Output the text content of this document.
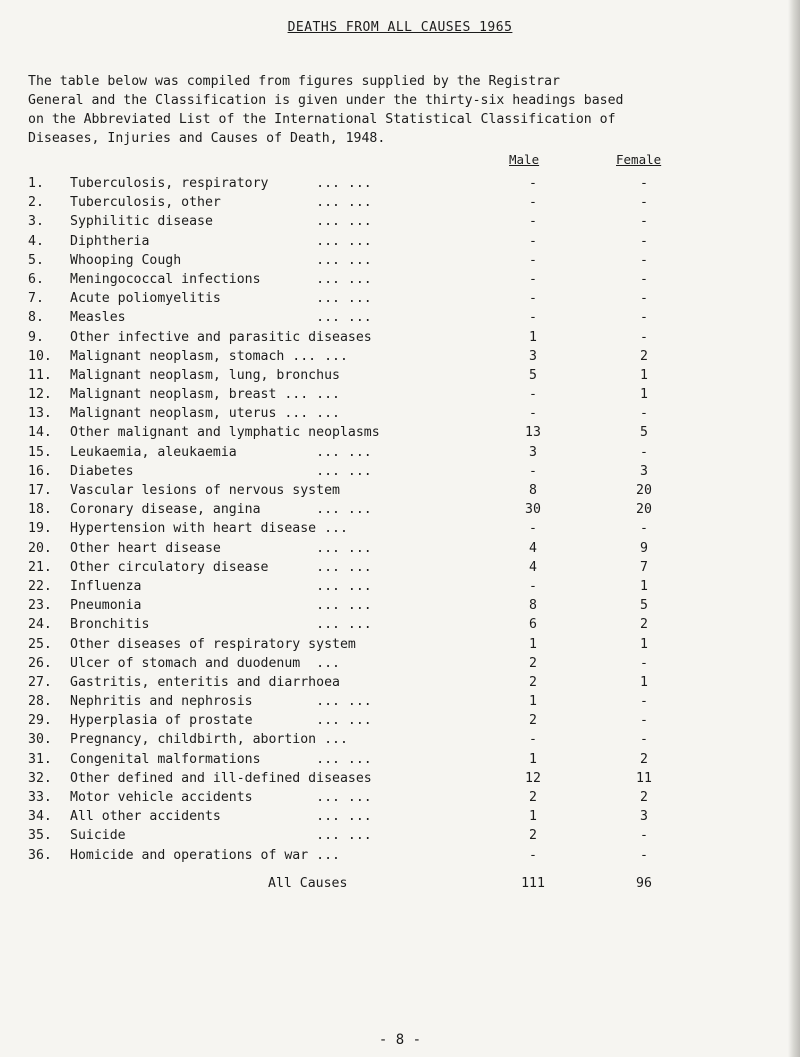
DEATHS FROM ALL CAUSES 1965
The table below was compiled from figures supplied by the Registrar
General and the Classification is given under the thirty-six headings based
on the Abbreviated List of the International Statistical Classification of
Diseases, Injuries and Causes of Death, 1948.
Male	Female
1.	Tuberculosis, respiratory      ... ...	-	-
2.	Tuberculosis, other            ... ...	-	-
3.	Syphilitic disease             ... ...	-	-
4.	Diphtheria                     ... ...	-	-
5.	Whooping Cough                 ... ...	-	-
6.	Meningococcal infections       ... ...	-	-
7.	Acute poliomyelitis            ... ...	-	-
8.	Measles                        ... ...	-	-
9.	Other infective and parasitic diseases	1	-
10.	Malignant neoplasm, stomach ... ...	3	2
11.	Malignant neoplasm, lung, bronchus	5	1
12.	Malignant neoplasm, breast ... ...	-	1
13.	Malignant neoplasm, uterus ... ...	-	-
14.	Other malignant and lymphatic neoplasms	13	5
15.	Leukaemia, aleukaemia          ... ...	3	-
16.	Diabetes                       ... ...	-	3
17.	Vascular lesions of nervous system	8	20
18.	Coronary disease, angina       ... ...	30	20
19.	Hypertension with heart disease ...	-	-
20.	Other heart disease            ... ...	4	9
21.	Other circulatory disease      ... ...	4	7
22.	Influenza                      ... ...	-	1
23.	Pneumonia                      ... ...	8	5
24.	Bronchitis                     ... ...	6	2
25.	Other diseases of respiratory system	1	1
26.	Ulcer of stomach and duodenum  ...	2	-
27.	Gastritis, enteritis and diarrhoea	2	1
28.	Nephritis and nephrosis        ... ...	1	-
29.	Hyperplasia of prostate        ... ...	2	-
30.	Pregnancy, childbirth, abortion ...	-	-
31.	Congenital malformations       ... ...	1	2
32.	Other defined and ill-defined diseases	12	11
33.	Motor vehicle accidents        ... ...	2	2
34.	All other accidents            ... ...	1	3
35.	Suicide                        ... ...	2	-
36.	Homicide and operations of war ...	-	-
All Causes	111	96
- 8 -
